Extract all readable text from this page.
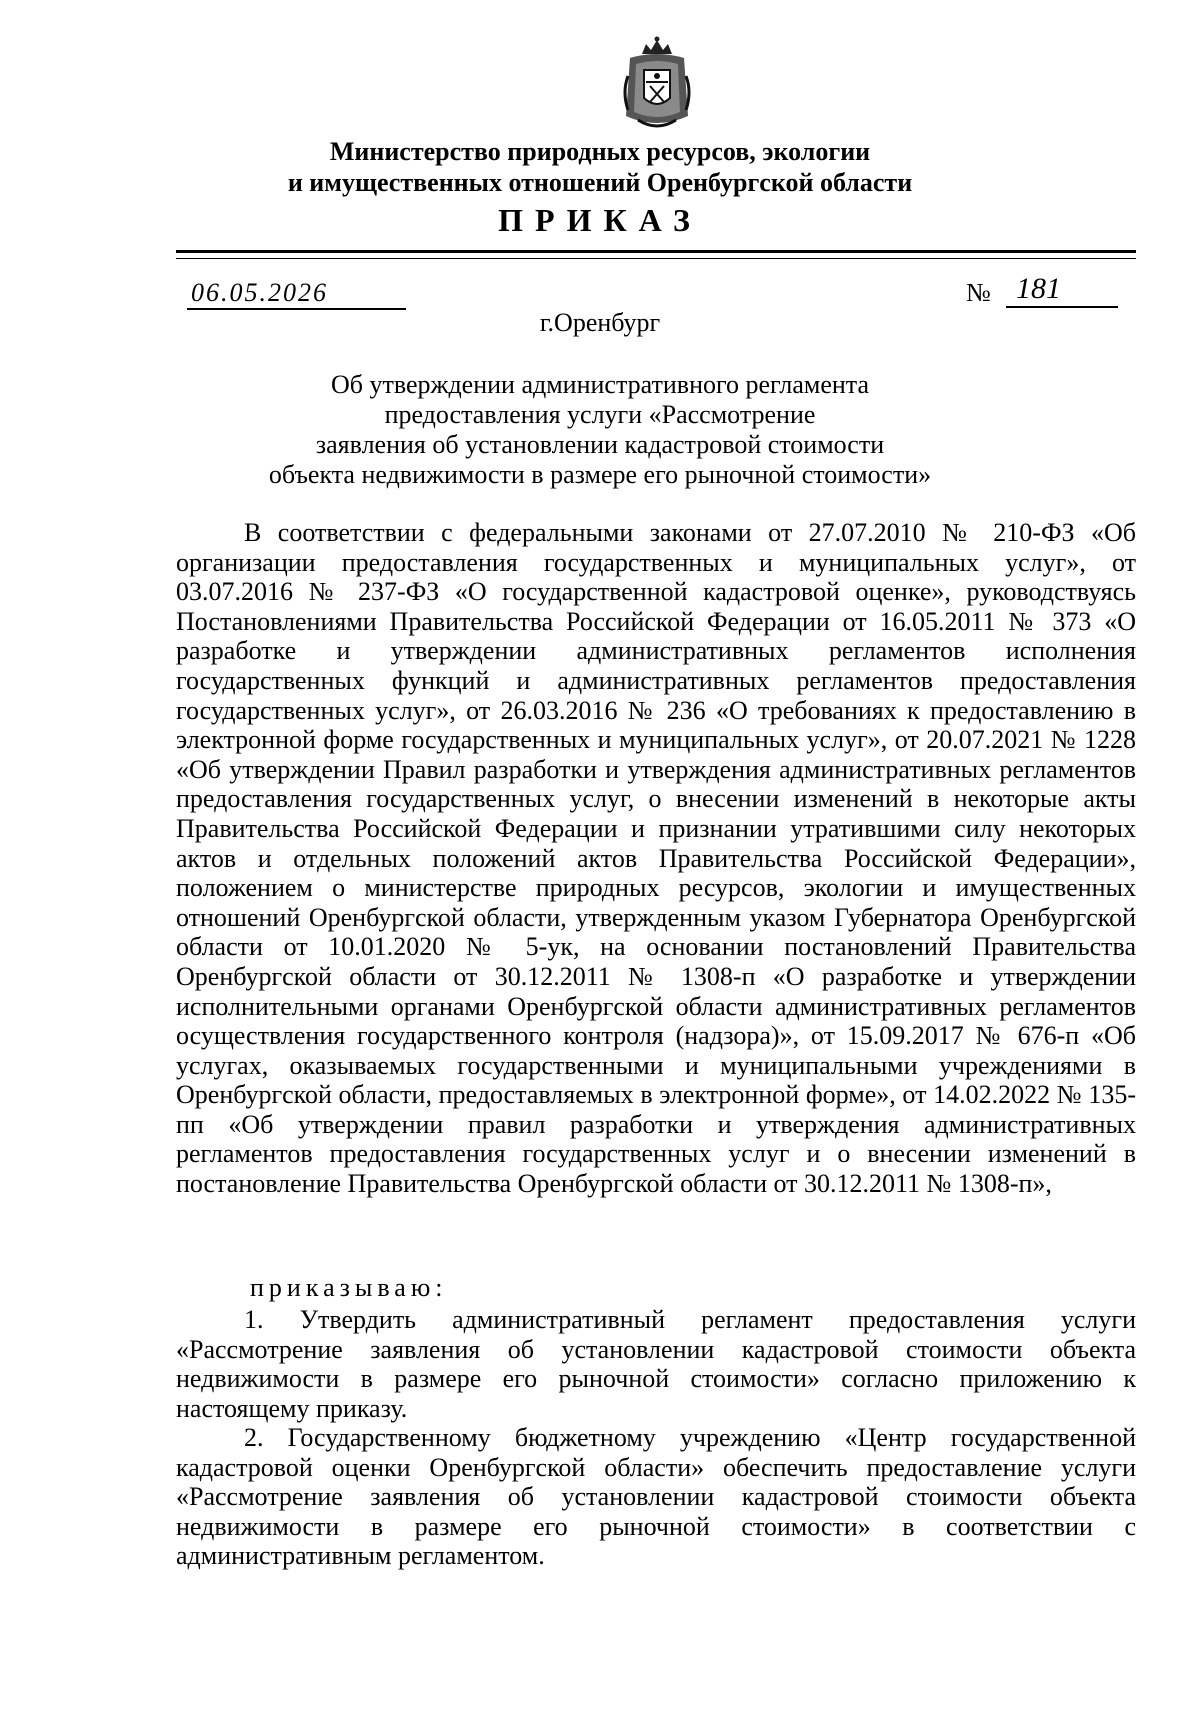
Министерство природных ресурсов, экологии
и имущественных отношений Оренбургской области
ПРИКАЗ
06.05.2026	№ 181
г.Оренбург
Об утверждении административного регламента
предоставления услуги «Рассмотрение
заявления об установлении кадастровой стоимости
объекта недвижимости в размере его рыночной стоимости»

В соответствии с федеральными законами от 27.07.2010 № 210-ФЗ «Об организации предоставления государственных и муниципальных услуг», от 03.07.2016 № 237-ФЗ «О государственной кадастровой оценке», руководствуясь Постановлениями Правительства Российской Федерации от 16.05.2011 № 373 «О разработке и утверждении административных регламентов исполнения государственных функций и административных регламентов предоставления государственных услуг», от 26.03.2016 № 236 «О требованиях к предоставлению в электронной форме государственных и муниципальных услуг», от 20.07.2021 № 1228 «Об утверждении Правил разработки и утверждения административных регламентов предоставления государственных услуг, о внесении изменений в некоторые акты Правительства Российской Федерации и признании утратившими силу некоторых актов и отдельных положений актов Правительства Российской Федерации», положением о министерстве природных ресурсов, экологии и имущественных отношений Оренбургской области, утвержденным указом Губернатора Оренбургской области от 10.01.2020 № 5-ук, на основании постановлений Правительства Оренбургской области от 30.12.2011 № 1308-п «О разработке и утверждении исполнительными органами Оренбургской области административных регламентов осуществления государственного контроля (надзора)», от 15.09.2017 № 676-п «Об услугах, оказываемых государственными и муниципальными учреждениями в Оренбургской области, предоставляемых в электронной форме», от 14.02.2022 № 135-пп «Об утверждении правил разработки и утверждения административных регламентов предоставления государственных услуг и о внесении изменений в постановление Правительства Оренбургской области от 30.12.2011 № 1308-п»,

приказываю:

1. Утвердить административный регламент предоставления услуги «Рассмотрение заявления об установлении кадастровой стоимости объекта недвижимости в размере его рыночной стоимости» согласно приложению к настоящему приказу.

2. Государственному бюджетному учреждению «Центр государственной кадастровой оценки Оренбургской области» обеспечить предоставление услуги «Рассмотрение заявления об установлении кадастровой стоимости объекта недвижимости в размере его рыночной стоимости» в соответствии с административным регламентом.
